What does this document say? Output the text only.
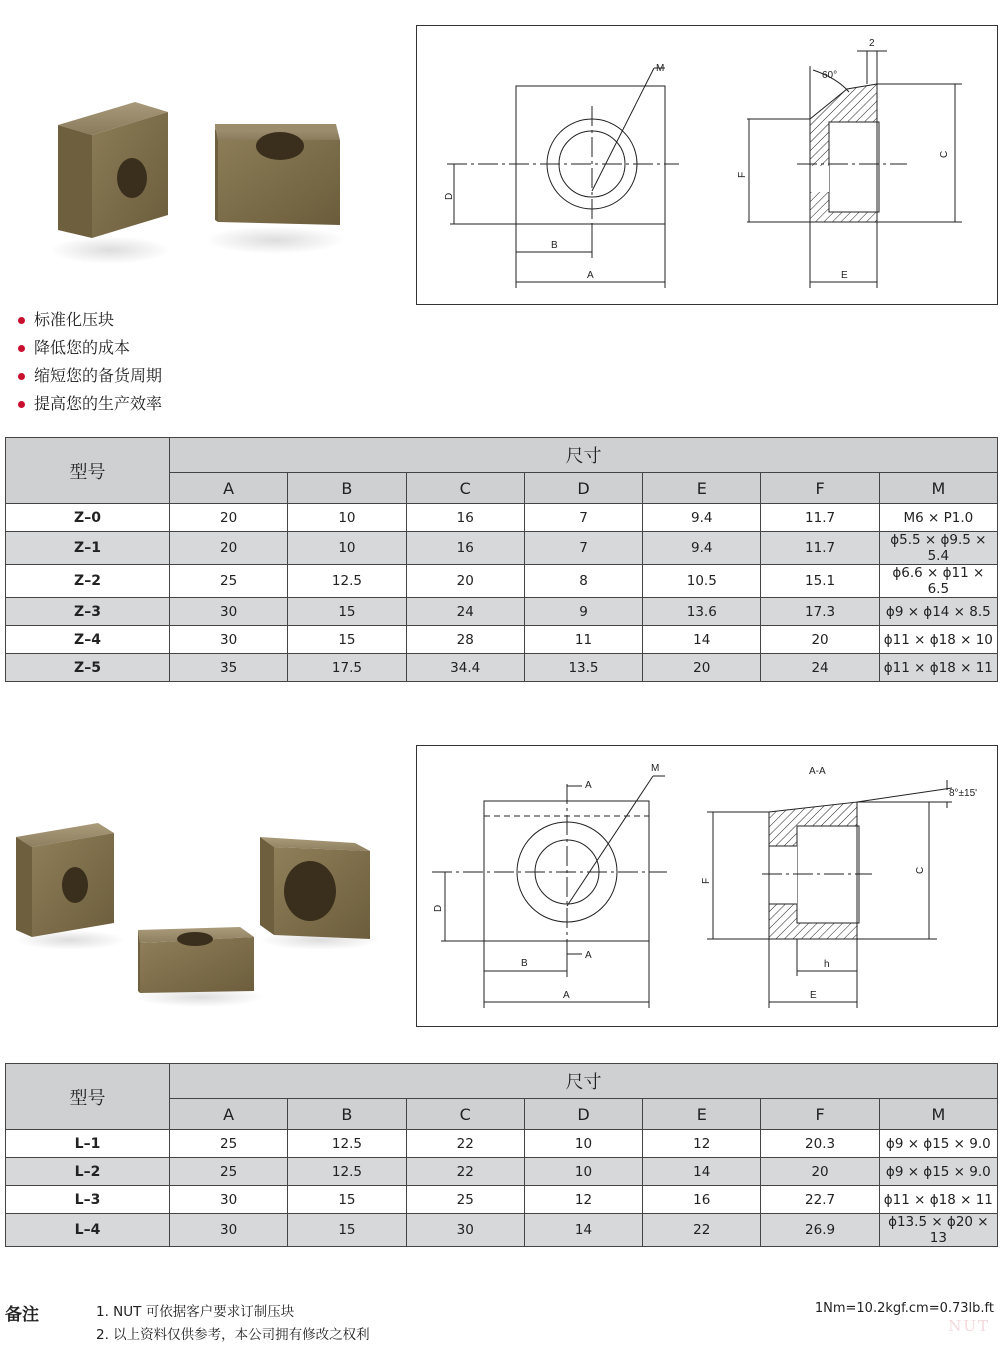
M
D
B
A
60°
2
F
C
E
标准化压块
降低您的成本
缩短您的备货周期
提高您的生产效率
型号	尺寸						
	A	B	C	D	E	F	M
Z–0	20	10	16	7	9.4	11.7	M6 × P1.0
Z–1	20	10	16	7	9.4	11.7	ϕ5.5 × ϕ9.5 × 5.4
Z–2	25	12.5	20	8	10.5	15.1	ϕ6.6 × ϕ11 × 6.5
Z–3	30	15	24	9	13.6	17.3	ϕ9 × ϕ14 × 8.5
Z–4	30	15	28	11	14	20	ϕ11 × ϕ18 × 10
Z–5	35	17.5	34.4	13.5	20	24	ϕ11 × ϕ18 × 11
M
A
A
D
B
A
A-A
8°±15'
F
C
h
E
型号	尺寸						
	A	B	C	D	E	F	M
L–1	25	12.5	22	10	12	20.3	ϕ9 × ϕ15 × 9.0
L–2	25	12.5	22	10	14	20	ϕ9 × ϕ15 × 9.0
L–3	30	15	25	12	16	22.7	ϕ11 × ϕ18 × 11
L–4	30	15	30	14	22	26.9	ϕ13.5 × ϕ20 × 13
备注	1. NUT 可依据客户要求订制压块
2. 以上资料仅供参考，本公司拥有修改之权利
1Nm=10.2kgf.cm=0.73lb.ft
NUT
